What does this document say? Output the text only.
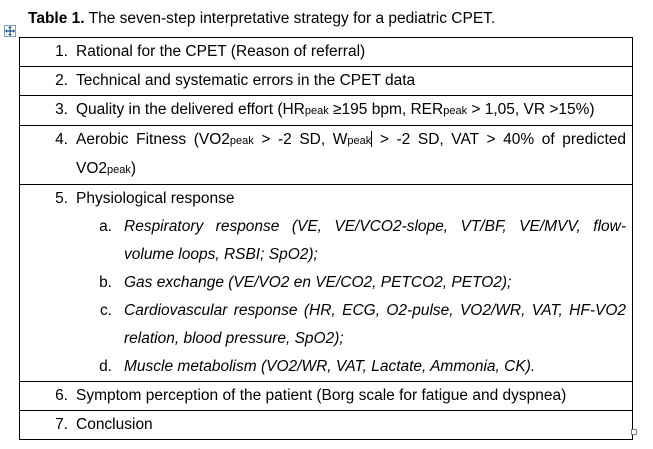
Table 1. The seven-step interpretative strategy for a pediatric CPET.
1. Rational for the CPET (Reason of referral)

2. Technical and systematic errors in the CPET data

3. Quality in the delivered effort (HRpeak ≥195 bpm, RERpeak > 1,05, VR >15%)

4. Aerobic Fitness (VO2peak > -2 SD, Wpeak > -2 SD, VAT > 40% of predicted
VO2peak)

5. Physiological response
a. Respiratory response (VE, VE/VCO2-slope, VT/BF, VE/MVV, flow-
volume loops, RSBI; SpO2);
b. Gas exchange (VE/VO2 en VE/CO2, PETCO2, PETO2);
c. Cardiovascular response (HR, ECG, O2-pulse, VO2/WR, VAT, HF-VO2
relation, blood pressure, SpO2);
d. Muscle metabolism (VO2/WR, VAT, Lactate, Ammonia, CK).

6. Symptom perception of the patient (Borg scale for fatigue and dyspnea)

7. Conclusion
